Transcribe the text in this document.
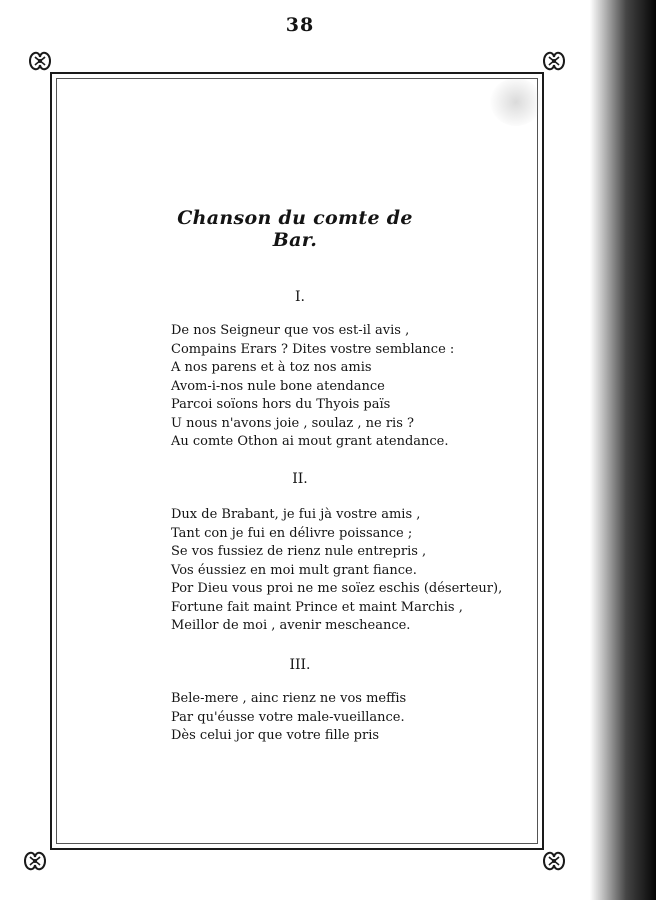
38
Chanson du comte de Bar.
I.
De nos Seigneur que vos est-il avis ,
Compains Erars ? Dites vostre semblance :
A nos parens et à toz nos amis
Avom-i-nos nule bone atendance
Parcoi soïons hors du Thyois païs
U nous n'avons joie , soulaz , ne ris ?
Au comte Othon ai mout grant atendance.
II.
Dux de Brabant, je fui jà vostre amis ,
Tant con je fui en délivre poissance ;
Se vos fussiez de rienz nule entrepris ,
Vos éussiez en moi mult grant fiance.
Por Dieu vous proi ne me soïez eschis (déserteur),
Fortune fait maint Prince et maint Marchis ,
Meillor de moi , avenir mescheance.
III.
Bele-mere , ainc rienz ne vos meffis
Par qu'éusse votre male-vueillance.
Dès celui jor que votre fille pris
